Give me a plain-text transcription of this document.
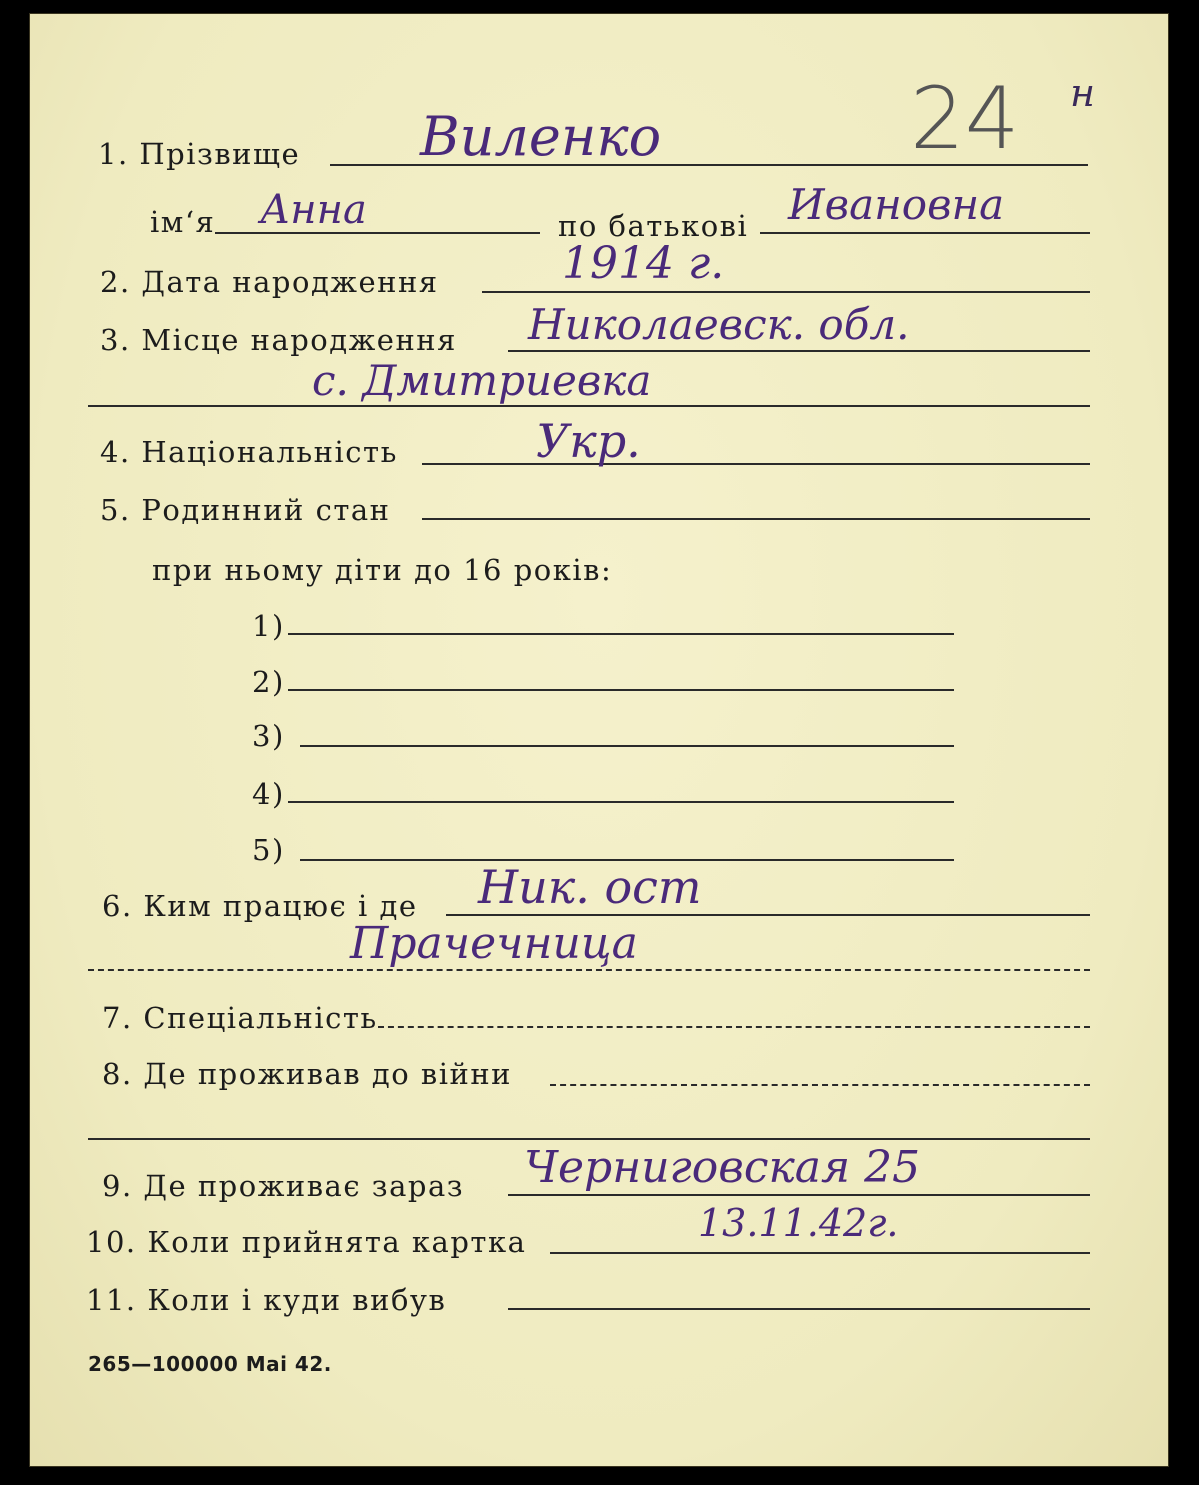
24 н
1. Прізвище Виленко
ім‘я Анна	по батькові Ивановна
2. Дата народження	1914 г.
3. Місце народження Николаевск. обл.
с. Дмитриевка
4. Національність	Укр.
5. Родинний стан
при ньому діти до 16 років:
1)
2)
3)
4)
5)
6. Ким працює і де Ник. ост
Прачечница
7. Спеціальність
8. Де проживав до війни
9. Де проживає зараз Черниговская 25
10. Коли прийнята картка	13.11.42г.
11. Коли і куди вибув
265—100000 Mai 42.
